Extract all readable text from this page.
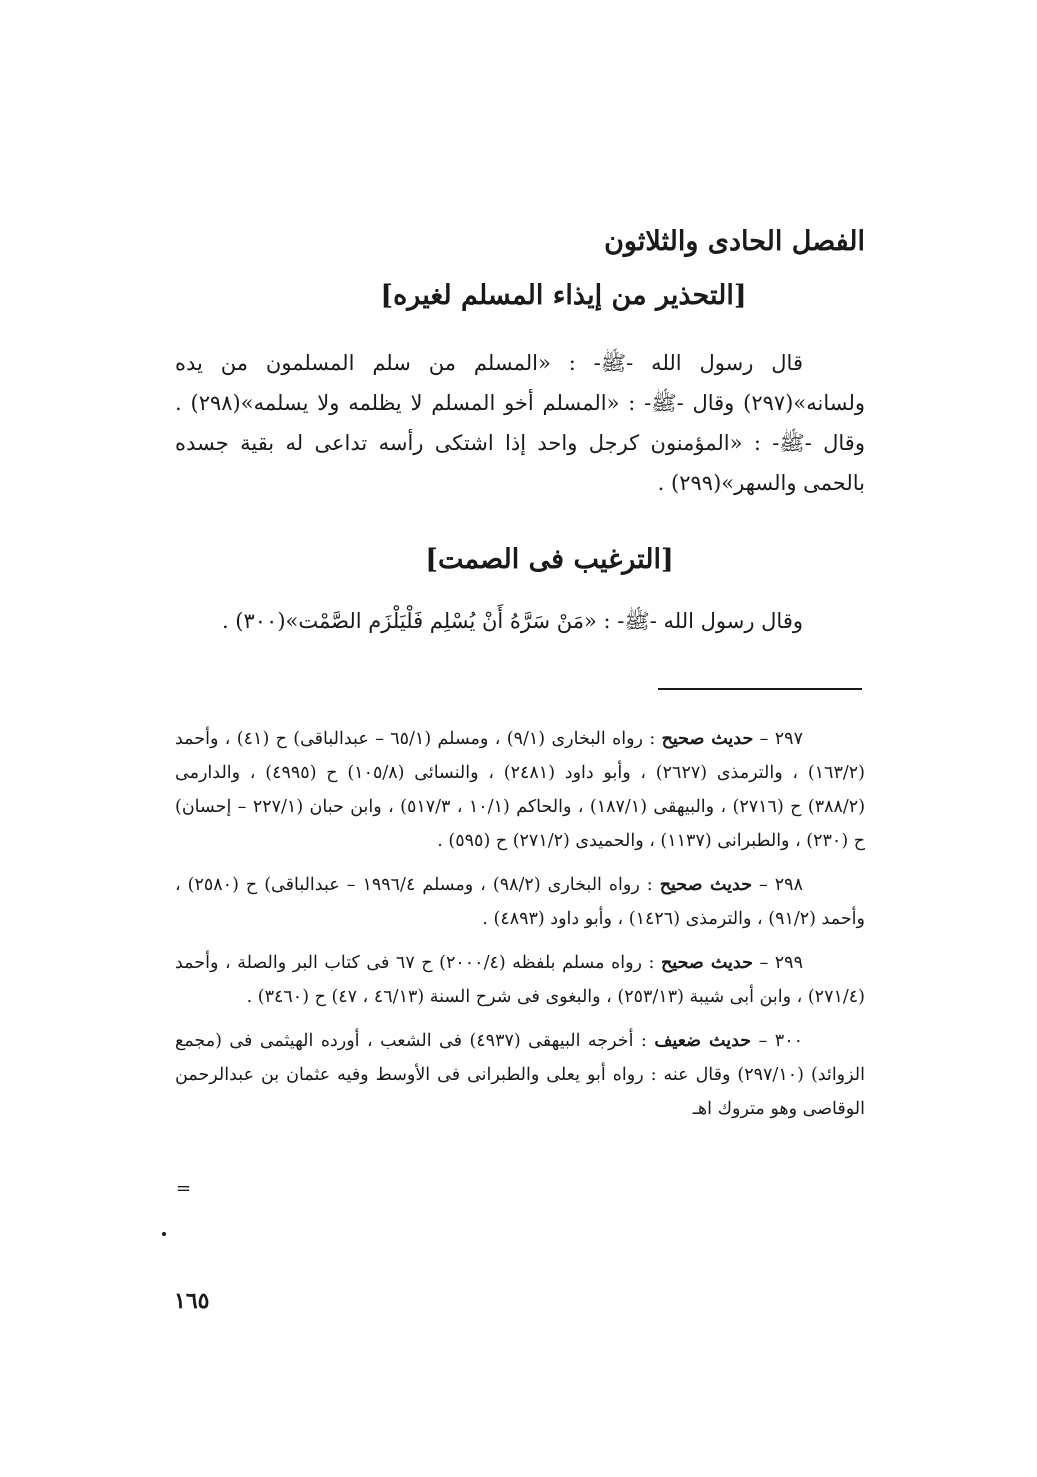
الفصل الحادى والثلاثون
[التحذير من إيذاء المسلم لغيره]

قال رسول الله -ﷺ- : «المسلم من سلم المسلمون من يده ولسانه»(٢٩٧) وقال -ﷺ- : «المسلم أخو المسلم لا يظلمه ولا يسلمه»(٢٩٨) . وقال -ﷺ- : «المؤمنون كرجل واحد إذا اشتكى رأسه تداعى له بقية جسده بالحمى والسهر»(٢٩٩) .

[الترغيب فى الصمت]

وقال رسول الله -ﷺ- : «مَنْ سَرَّهُ أَنْ يُسْلِم فَلْيَلْزَم الصَّمْت»(٣٠٠) .

٢٩٧ – حديث صحيح : رواه البخارى (٩/١) ، ومسلم (٦٥/١ – عبدالباقى) ح (٤١) ، وأحمد (١٦٣/٢) ، والترمذى (٢٦٢٧) ، وأبو داود (٢٤٨١) ، والنسائى (١٠٥/٨) ح (٤٩٩٥) ، والدارمى (٣٨٨/٢) ح (٢٧١٦) ، والبيهقى (١٨٧/١) ، والحاكم (١٠/١ ، ٥١٧/٣) ، وابن حبان (٢٢٧/١ – إحسان) ح (٢٣٠) ، والطبرانى (١١٣٧) ، والحميدى (٢٧١/٢) ح (٥٩٥) .

٢٩٨ – حديث صحيح : رواه البخارى (٩٨/٢) ، ومسلم ١٩٩٦/٤ – عبدالباقى) ح (٢٥٨٠) ، وأحمد (٩١/٢) ، والترمذى (١٤٢٦) ، وأبو داود (٤٨٩٣) .

٢٩٩ – حديث صحيح : رواه مسلم بلفظه (٢٠٠٠/٤) ح ٦٧ فى كتاب البر والصلة ، وأحمد (٢٧١/٤) ، وابن أبى شيبة (٢٥٣/١٣) ، والبغوى فى شرح السنة (٤٦/١٣ ، ٤٧) ح (٣٤٦٠) .

٣٠٠ – حديث ضعيف : أخرجه البيهقى (٤٩٣٧) فى الشعب ، أورده الهيثمى فى (مجمع الزوائد) (٢٩٧/١٠) وقال عنه : رواه أبو يعلى والطبرانى فى الأوسط وفيه عثمان بن عبدالرحمن الوقاصى وهو متروك اهـ

=
١٦٥
